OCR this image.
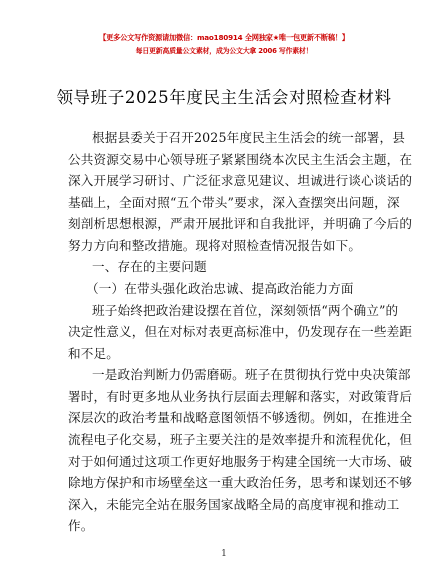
【更多公文写作资源请加微信：mao180914 全网独家★唯一包更新不断稿！】
每日更新高质量公文素材，成为公文大拿 2006 写作素材！
领导班子2025年度民主生活会对照检查材料
根据县委关于召开2025年度民主生活会的统一部署，县
公共资源交易中心领导班子紧紧围绕本次民主生活会主题，在
深入开展学习研讨、广泛征求意见建议、坦诚进行谈心谈话的
基础上，全面对照“五个带头”要求，深入查摆突出问题，深
刻剖析思想根源，严肃开展批评和自我批评，并明确了今后的
努力方向和整改措施。现将对照检查情况报告如下。
一、存在的主要问题
（一）在带头强化政治忠诚、提高政治能力方面
班子始终把政治建设摆在首位，深刻领悟“两个确立”的
决定性意义，但在对标对表更高标准中，仍发现存在一些差距
和不足。
一是政治判断力仍需磨砺。班子在贯彻执行党中央决策部
署时，有时更多地从业务执行层面去理解和落实，对政策背后
深层次的政治考量和战略意图领悟不够透彻。例如，在推进全
流程电子化交易，班子主要关注的是效率提升和流程优化，但
对于如何通过这项工作更好地服务于构建全国统一大市场、破
除地方保护和市场壁垒这一重大政治任务，思考和谋划还不够
深入，未能完全站在服务国家战略全局的高度审视和推动工
作。
1
